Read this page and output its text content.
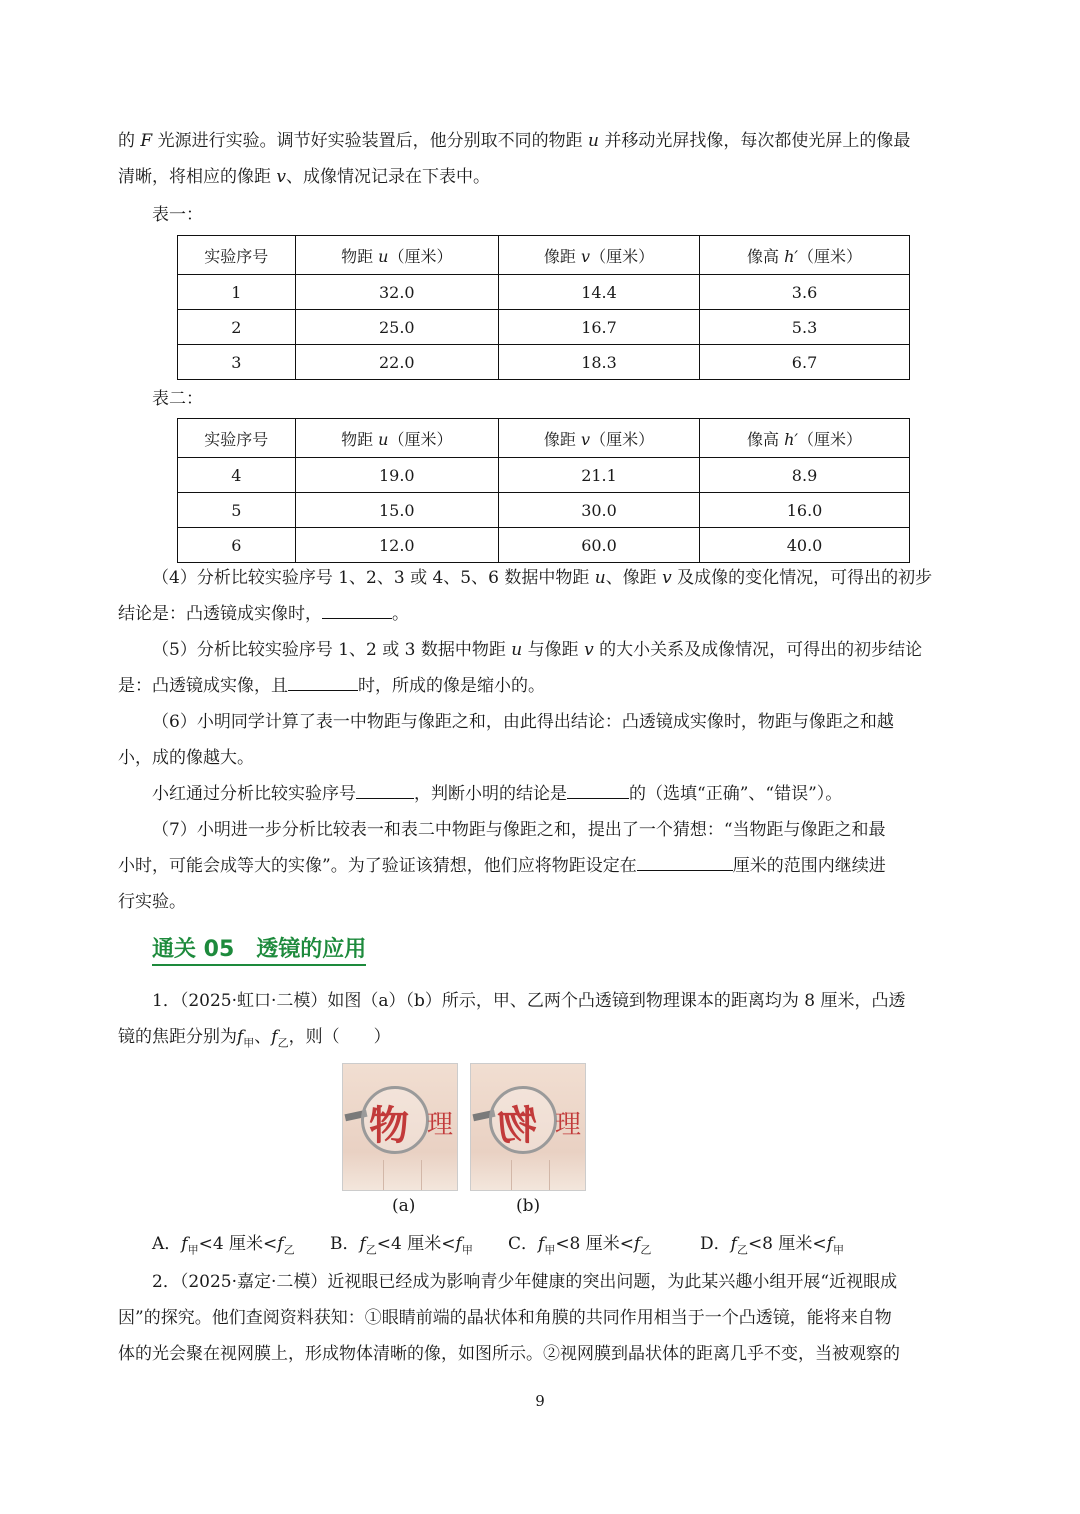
的 F 光源进行实验。调节好实验装置后，他分别取不同的物距 u 并移动光屏找像，每次都使光屏上的像最

清晰，将相应的像距 v、成像情况记录在下表中。

表一：
实验序号	物距 u（厘米）	像距 v（厘米）	像高 h′（厘米）
1	32.0	14.4	3.6
2	25.0	16.7	5.3
3	22.0	18.3	6.7
表二：
实验序号	物距 u（厘米）	像距 v（厘米）	像高 h′（厘米）
4	19.0	21.1	8.9
5	15.0	30.0	16.0
6	12.0	60.0	40.0

（4）分析比较实验序号 1、2、3 或 4、5、6 数据中物距 u、像距 v 及成像的变化情况，可得出的初步

结论是：凸透镜成实像时，	。

（5）分析比较实验序号 1、2 或 3 数据中物距 u 与像距 v 的大小关系及成像情况，可得出的初步结论

是：凸透镜成实像，且	时，所成的像是缩小的。

（6）小明同学计算了表一中物距与像距之和，由此得出结论：凸透镜成实像时，物距与像距之和越

小，成的像越大。

小红通过分析比较实验序号	，判断小明的结论是	的（选填“正确”、“错误”）。

（7）小明进一步分析比较表一和表二中物距与像距之和，提出了一个猜想：“当物距与像距之和最

小时，可能会成等大的实像”。为了验证该猜想，他们应将物距设定在	厘米的范围内继续进

行实验。

通关 05　透镜的应用

1．（2025·虹口·二模）如图（a）（b）所示，甲、乙两个凸透镜到物理课本的距离均为 8 厘米，凸透

镜的焦距分别为$f_甲$、$f_乙$，则（　　）

物 理 物 理
(a)	(b)
A．$f_甲<4$ 厘米$<f_乙$ B．$f_乙<4$ 厘米$<f_甲$ C．$f_甲<8$ 厘米$<f_乙$	D．$f_乙<8$ 厘米$<f_甲$

2．（2025·嘉定·二模）近视眼已经成为影响青少年健康的突出问题，为此某兴趣小组开展“近视眼成

因”的探究。他们查阅资料获知：①眼睛前端的晶状体和角膜的共同作用相当于一个凸透镜，能将来自物

体的光会聚在视网膜上，形成物体清晰的像，如图所示。②视网膜到晶状体的距离几乎不变，当被观察的

9
